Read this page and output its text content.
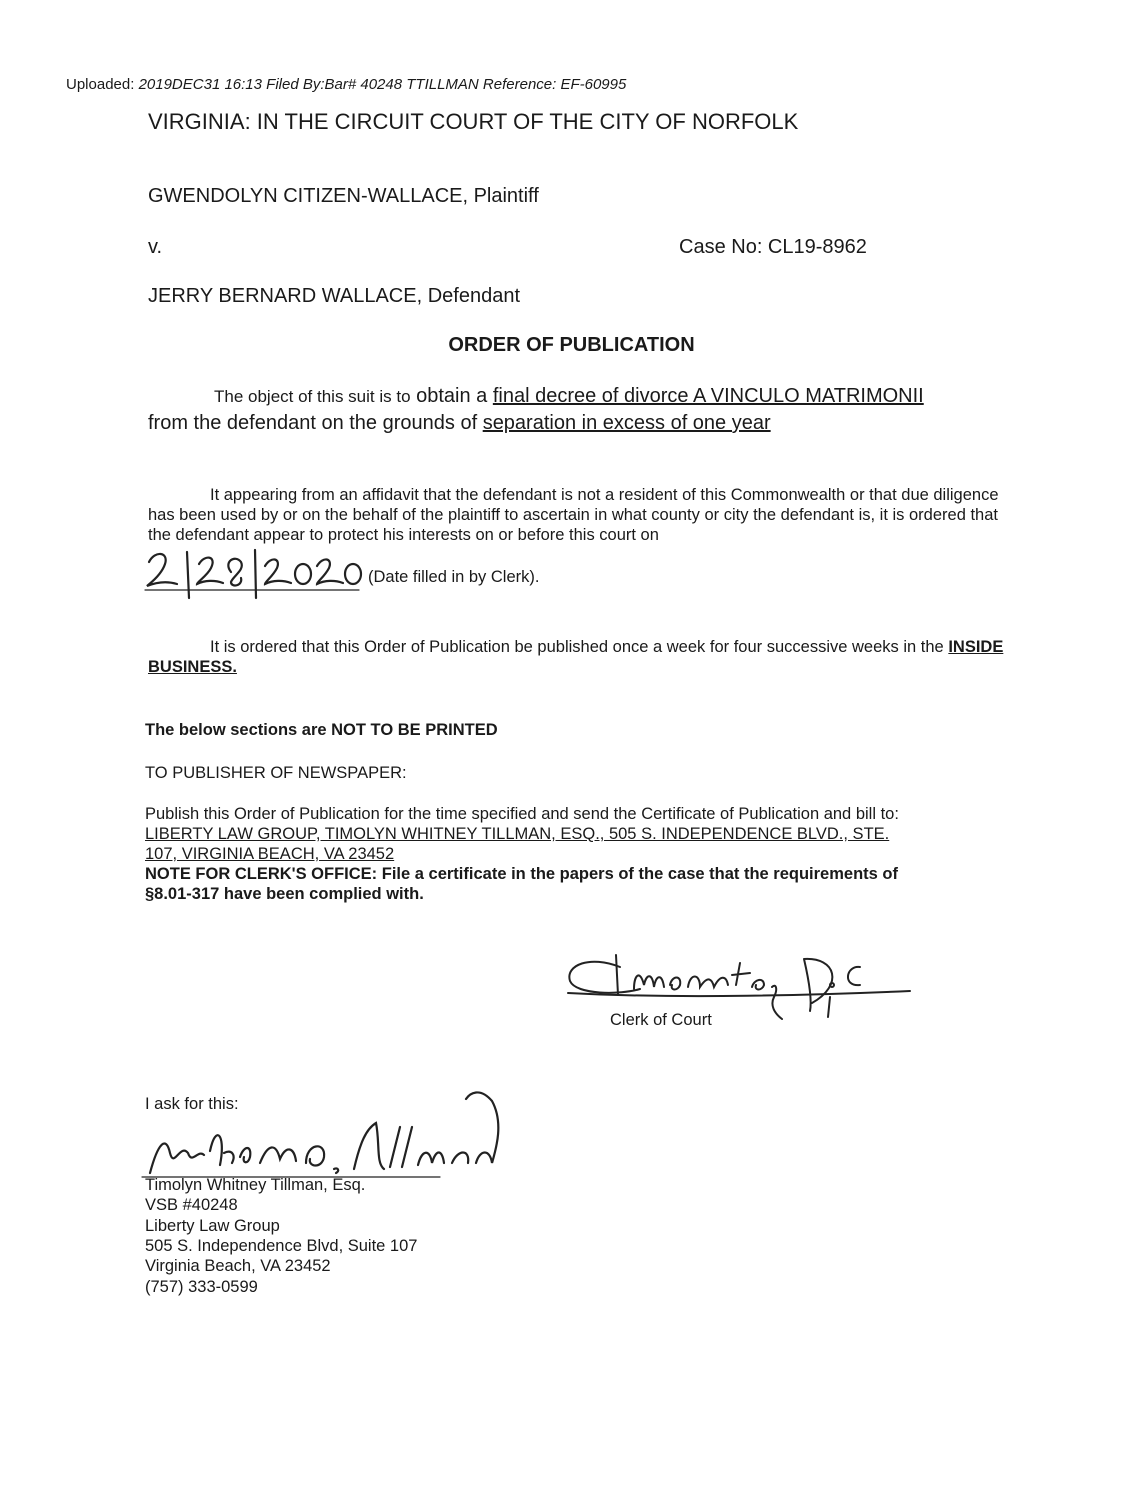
Uploaded: 2019DEC31 16:13 Filed By:Bar# 40248 TTILLMAN Reference: EF-60995
VIRGINIA: IN THE CIRCUIT COURT OF THE CITY OF NORFOLK
GWENDOLYN CITIZEN-WALLACE, Plaintiff
v.	Case No: CL19-8962
JERRY BERNARD WALLACE, Defendant
ORDER OF PUBLICATION
The object of this suit is to obtain a final decree of divorce A VINCULO MATRIMONII
from the defendant on the grounds of separation in excess of one year
It appearing from an affidavit that the defendant is not a resident of this Commonwealth or that due diligence has been used by or on the behalf of the plaintiff to ascertain in what county or city the defendant is, it is ordered that the defendant appear to protect his interests on or before this court on
(Date filled in by Clerk).
It is ordered that this Order of Publication be published once a week for four successive weeks in the INSIDE BUSINESS.
The below sections are NOT TO BE PRINTED
TO PUBLISHER OF NEWSPAPER:
Publish this Order of Publication for the time specified and send the Certificate of Publication and bill to:
LIBERTY LAW GROUP, TIMOLYN WHITNEY TILLMAN, ESQ., 505 S. INDEPENDENCE BLVD., STE.
107, VIRGINIA BEACH, VA 23452
NOTE FOR CLERK'S OFFICE: File a certificate in the papers of the case that the requirements of
§8.01-317 have been complied with.
Clerk of Court
I ask for this:
Timolyn Whitney Tillman, Esq.
VSB #40248
Liberty Law Group
505 S. Independence Blvd, Suite 107
Virginia Beach, VA 23452
(757) 333-0599
